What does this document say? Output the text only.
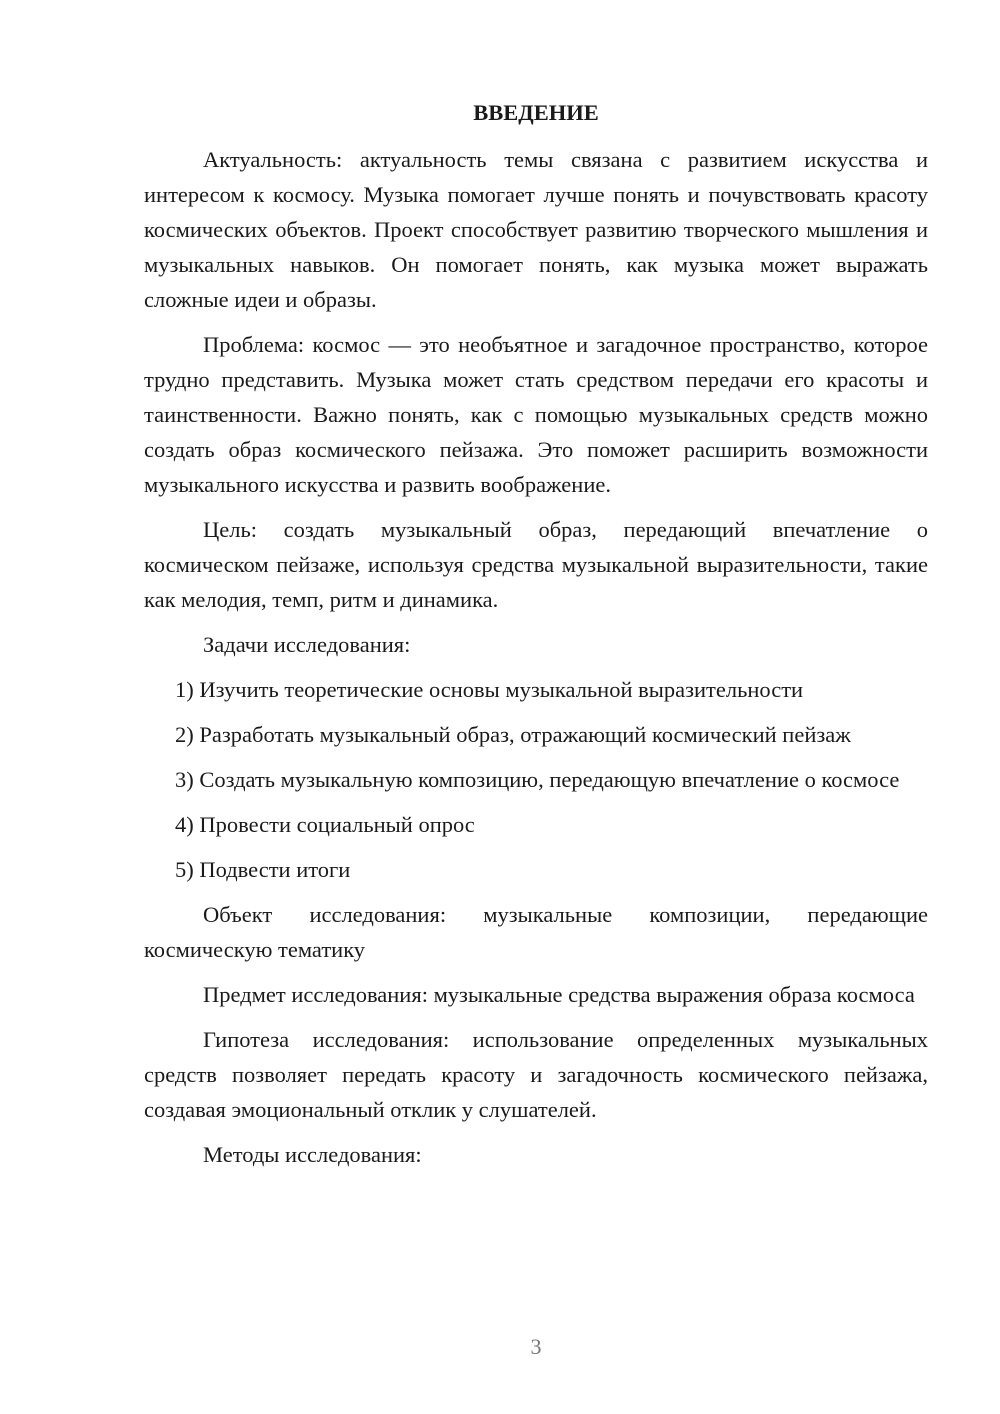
ВВЕДЕНИЕ

Актуальность: актуальность темы связана с развитием искусства и интересом к космосу. Музыка помогает лучше понять и почувствовать красоту космических объектов. Проект способствует развитию творческого мышления и музыкальных навыков. Он помогает понять, как музыка может выражать сложные идеи и образы.

Проблема: космос — это необъятное и загадочное пространство, которое трудно представить. Музыка может стать средством передачи его красоты и таинственности. Важно понять, как с помощью музыкальных средств можно создать образ космического пейзажа. Это поможет расширить возможности музыкального искусства и развить воображение.

Цель: создать музыкальный образ, передающий впечатление о космическом пейзаже, используя средства музыкальной выразительности, такие как мелодия, темп, ритм и динамика.

Задачи исследования:

1) Изучить теоретические основы музыкальной выразительности

2) Разработать музыкальный образ, отражающий космический пейзаж

3) Создать музыкальную композицию, передающую впечатление о космосе

4) Провести социальный опрос

5) Подвести итоги

Объект исследования: музыкальные композиции, передающие космическую тематику

Предмет исследования: музыкальные средства выражения образа космоса

Гипотеза исследования: использование определенных музыкальных средств позволяет передать красоту и загадочность космического пейзажа, создавая эмоциональный отклик у слушателей.

Методы исследования:

3
